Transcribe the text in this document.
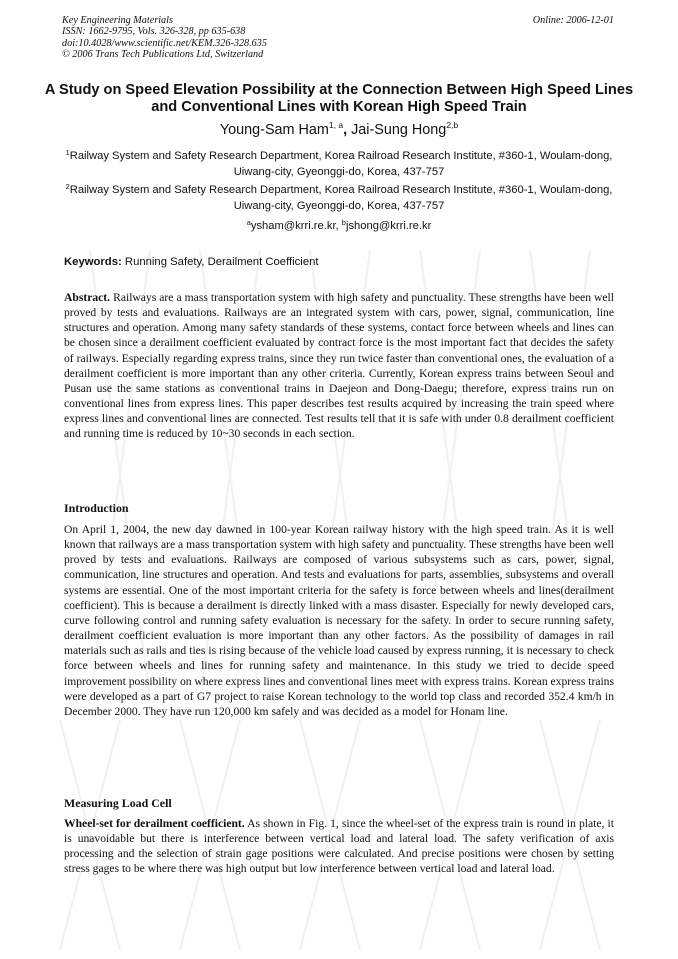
Key Engineering Materials
ISSN: 1662-9795, Vols. 326-328, pp 635-638
doi:10.4028/www.scientific.net/KEM.326-328.635
© 2006 Trans Tech Publications Ltd, Switzerland
Online: 2006-12-01
A Study on Speed Elevation Possibility at the Connection Between High Speed Lines and Conventional Lines with Korean High Speed Train
Young-Sam Ham$^{1, a}$, Jai-Sung Hong$^{2,b}$
$^1$Railway System and Safety Research Department, Korea Railroad Research Institute, #360-1, Woulam-dong, Uiwang-city, Gyeonggi-do, Korea, 437-757
$^2$Railway System and Safety Research Department, Korea Railroad Research Institute, #360-1, Woulam-dong, Uiwang-city, Gyeonggi-do, Korea, 437-757
$^a$ysham@krri.re.kr, $^b$jshong@krri.re.kr
Keywords: Running Safety, Derailment Coefficient

Abstract. Railways are a mass transportation system with high safety and punctuality. These strengths have been well proved by tests and evaluations. Railways are an integrated system with cars, power, signal, communication, line structures and operation. Among many safety standards of these systems, contact force between wheels and lines can be chosen since a derailment coefficient evaluated by contract force is the most important fact that decides the safety of railways. Especially regarding express trains, since they run twice faster than conventional ones, the evaluation of a derailment coefficient is more important than any other criteria. Currently, Korean express trains between Seoul and Pusan use the same stations as conventional trains in Daejeon and Dong-Daegu; therefore, express trains run on conventional lines from express lines. This paper describes test results acquired by increasing the train speed where express lines and conventional lines are connected. Test results tell that it is safe with under 0.8 derailment coefficient and running time is reduced by 10~30 seconds in each section.

Introduction

On April 1, 2004, the new day dawned in 100-year Korean railway history with the high speed train. As it is well known that railways are a mass transportation system with high safety and punctuality. These strengths have been well proved by tests and evaluations. Railways are composed of various subsystems such as cars, power, signal, communication, line structures and operation. And tests and evaluations for parts, assemblies, subsystems and overall systems are essential. One of the most important criteria for the safety is force between wheels and lines(derailment coefficient). This is because a derailment is directly linked with a mass disaster. Especially for newly developed cars, curve following control and running safety evaluation is necessary for the safety. In order to secure running safety, derailment coefficient evaluation is more important than any other factors. As the possibility of damages in rail materials such as rails and ties is rising because of the vehicle load caused by express running, it is necessary to check force between wheels and lines for running safety and maintenance. In this study we tried to decide speed improvement possibility on where express lines and conventional lines meet with express trains. Korean express trains were developed as a part of G7 project to raise Korean technology to the world top class and recorded 352.4 km/h in December 2000. They have run 120,000 km safely and was decided as a model for Honam line.

Measuring Load Cell

Wheel-set for derailment coefficient. As shown in Fig. 1, since the wheel-set of the express train is round in plate, it is unavoidable but there is interference between vertical load and lateral load. The safety verification of axis processing and the selection of strain gage positions were calculated. And precise positions were chosen by setting stress gages to be where there was high output but low interference between vertical load and lateral load.
